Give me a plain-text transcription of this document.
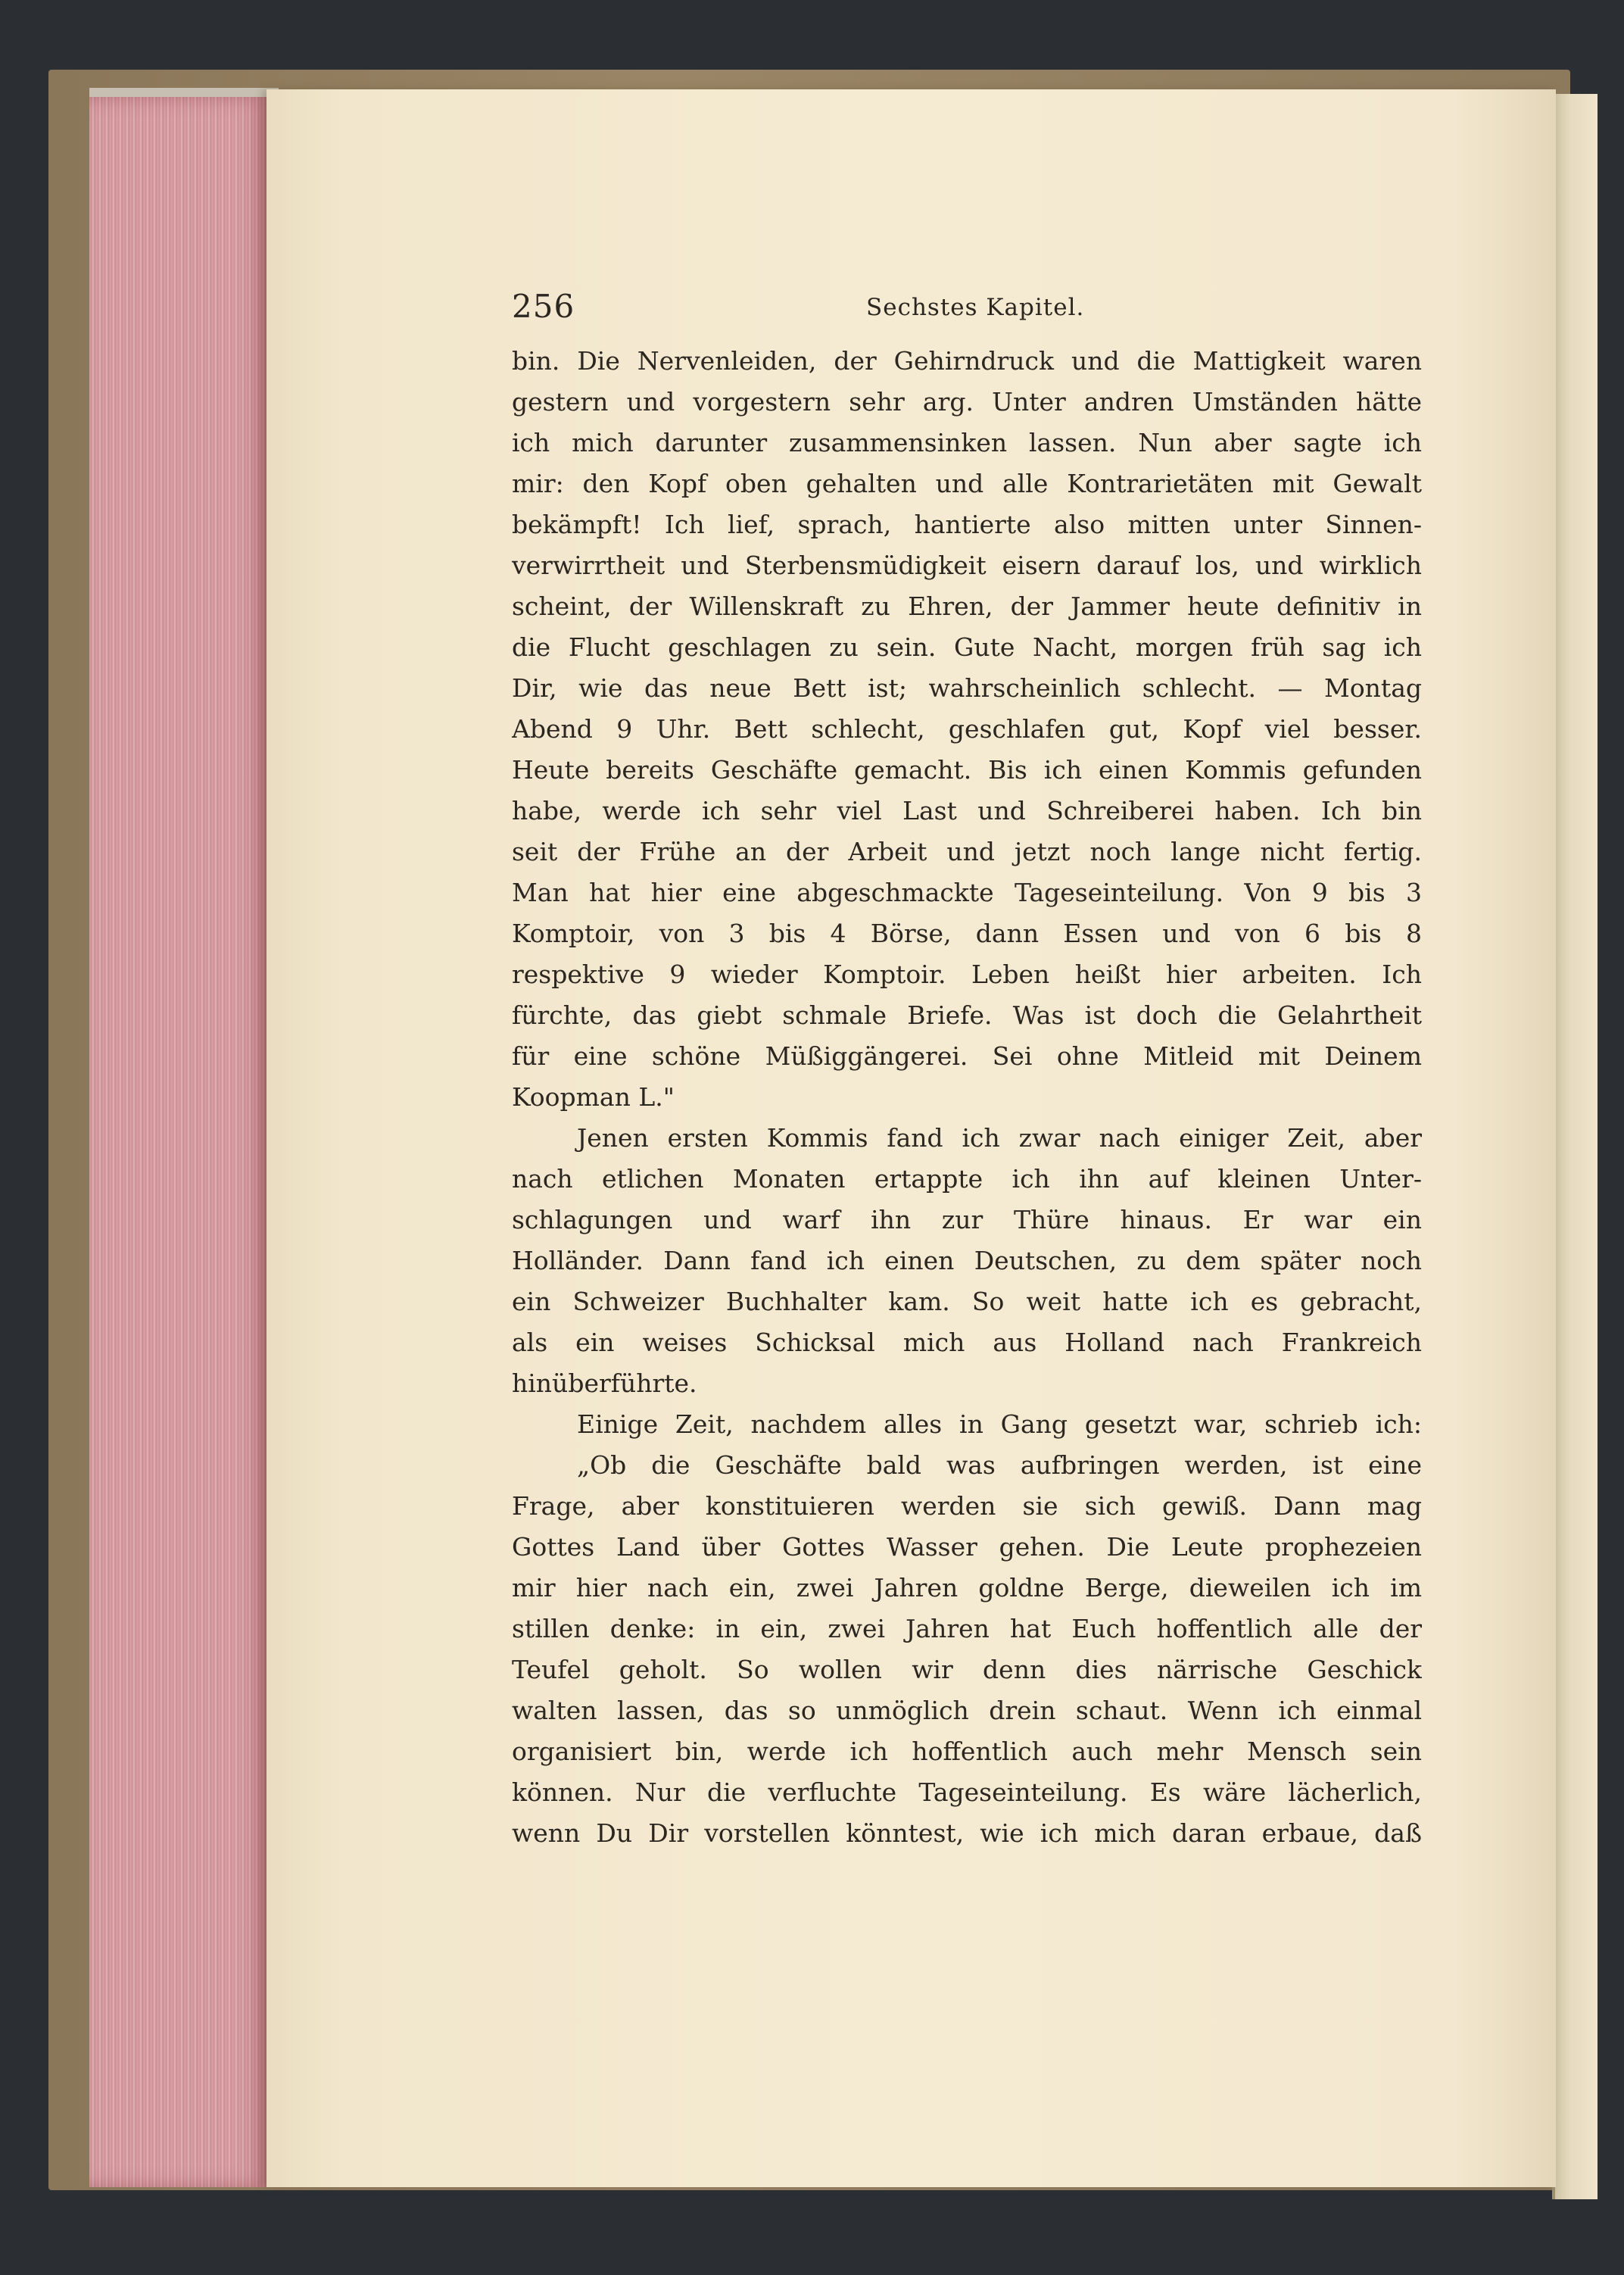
256	Sechstes Kapitel.
bin. Die Nervenleiden, der Gehirndruck und die Mattigkeit waren
gestern und vorgestern sehr arg. Unter andren Umständen hätte
ich mich darunter zusammensinken lassen. Nun aber sagte ich
mir: den Kopf oben gehalten und alle Kontrarietäten mit Gewalt
bekämpft! Ich lief, sprach, hantierte also mitten unter Sinnen-
verwirrtheit und Sterbensmüdigkeit eisern darauf los, und wirklich
scheint, der Willenskraft zu Ehren, der Jammer heute definitiv in
die Flucht geschlagen zu sein. Gute Nacht, morgen früh sag ich
Dir, wie das neue Bett ist; wahrscheinlich schlecht. — Montag
Abend 9 Uhr. Bett schlecht, geschlafen gut, Kopf viel besser.
Heute bereits Geschäfte gemacht. Bis ich einen Kommis gefunden
habe, werde ich sehr viel Last und Schreiberei haben. Ich bin
seit der Frühe an der Arbeit und jetzt noch lange nicht fertig.
Man hat hier eine abgeschmackte Tageseinteilung. Von 9 bis 3
Komptoir, von 3 bis 4 Börse, dann Essen und von 6 bis 8
respektive 9 wieder Komptoir. Leben heißt hier arbeiten. Ich
fürchte, das giebt schmale Briefe. Was ist doch die Gelahrtheit
für eine schöne Müßiggängerei. Sei ohne Mitleid mit Deinem
Koopman L."
Jenen ersten Kommis fand ich zwar nach einiger Zeit, aber
nach etlichen Monaten ertappte ich ihn auf kleinen Unter-
schlagungen und warf ihn zur Thüre hinaus. Er war ein
Holländer. Dann fand ich einen Deutschen, zu dem später noch
ein Schweizer Buchhalter kam. So weit hatte ich es gebracht,
als ein weises Schicksal mich aus Holland nach Frankreich
hinüberführte.
Einige Zeit, nachdem alles in Gang gesetzt war, schrieb ich:
„Ob die Geschäfte bald was aufbringen werden, ist eine
Frage, aber konstituieren werden sie sich gewiß. Dann mag
Gottes Land über Gottes Wasser gehen. Die Leute prophezeien
mir hier nach ein, zwei Jahren goldne Berge, dieweilen ich im
stillen denke: in ein, zwei Jahren hat Euch hoffentlich alle der
Teufel geholt. So wollen wir denn dies närrische Geschick
walten lassen, das so unmöglich drein schaut. Wenn ich einmal
organisiert bin, werde ich hoffentlich auch mehr Mensch sein
können. Nur die verfluchte Tageseinteilung. Es wäre lächerlich,
wenn Du Dir vorstellen könntest, wie ich mich daran erbaue, daß
